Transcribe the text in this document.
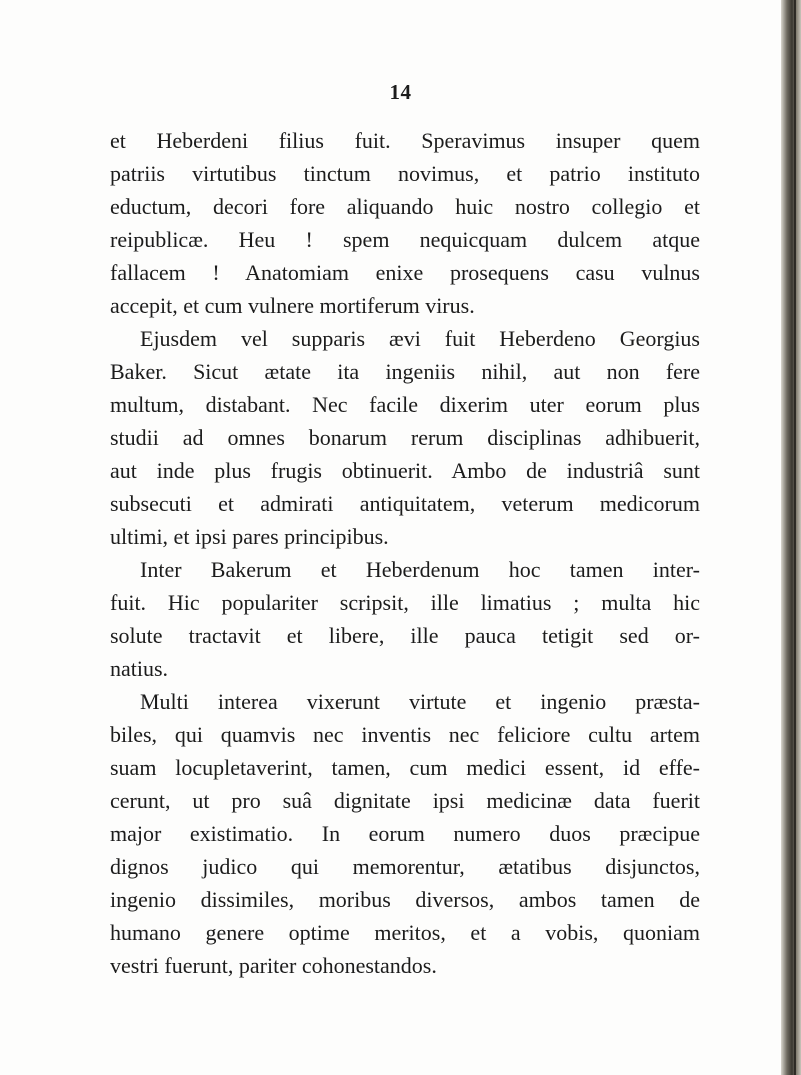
14
et Heberdeni filius fuit. Speravimus insuper quem
patriis virtutibus tinctum novimus, et patrio instituto
eductum, decori fore aliquando huic nostro collegio et
reipublicæ. Heu ! spem nequicquam dulcem atque
fallacem ! Anatomiam enixe prosequens casu vulnus
accepit, et cum vulnere mortiferum virus.
Ejusdem vel supparis ævi fuit Heberdeno Georgius
Baker. Sicut ætate ita ingeniis nihil, aut non fere
multum, distabant. Nec facile dixerim uter eorum plus
studii ad omnes bonarum rerum disciplinas adhibuerit,
aut inde plus frugis obtinuerit. Ambo de industriâ sunt
subsecuti et admirati antiquitatem, veterum medicorum
ultimi, et ipsi pares principibus.
Inter Bakerum et Heberdenum hoc tamen inter-
fuit. Hic populariter scripsit, ille limatius ; multa hic
solute tractavit et libere, ille pauca tetigit sed or-
natius.
Multi interea vixerunt virtute et ingenio præsta-
biles, qui quamvis nec inventis nec feliciore cultu artem
suam locupletaverint, tamen, cum medici essent, id effe-
cerunt, ut pro suâ dignitate ipsi medicinæ data fuerit
major existimatio. In eorum numero duos præcipue
dignos judico qui memorentur, ætatibus disjunctos,
ingenio dissimiles, moribus diversos, ambos tamen de
humano genere optime meritos, et a vobis, quoniam
vestri fuerunt, pariter cohonestandos.
